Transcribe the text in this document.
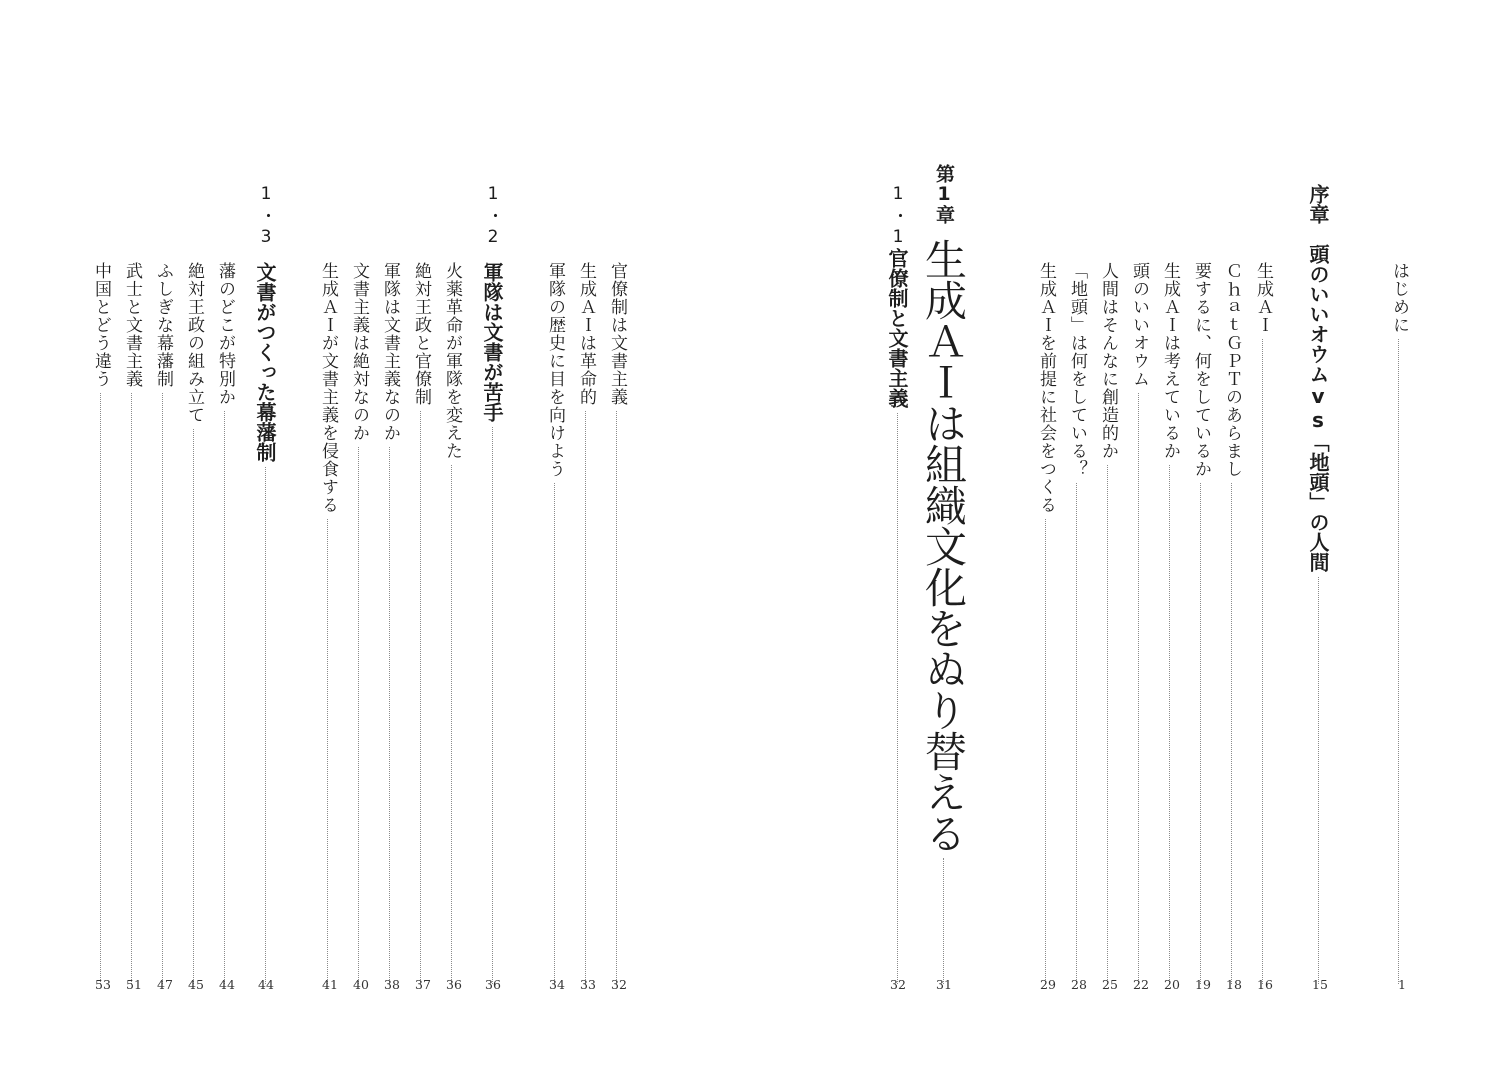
官僚制は文書主義
32
生成ＡＩは革命的
33
軍隊の歴史に目を向けよう
34
1・2
軍隊は文書が苦手
36
火薬革命が軍隊を変えた
36
絶対王政と官僚制
37
軍隊は文書主義なのか
38
文書主義は絶対なのか
40
生成ＡＩが文書主義を侵食する
41
1・3
文書がつくった幕藩制
44
藩のどこが特別か
44
絶対王政の組み立て
45
ふしぎな幕藩制
47
武士と文書主義
51
中国とどう違う
53
はじめに
1
序章　頭のいいオウムvs「地頭」の人間
15
生成ＡＩ
16
ＣｈａｔＧＰＴのあらまし
18
要するに、何をしているか
19
生成ＡＩは考えているか
20
頭のいいオウム
22
人間はそんなに創造的か
25
「地頭」は何をしている？
28
生成ＡＩを前提に社会をつくる
29
第1章
生成ＡＩは組織文化をぬり替える
31
1・1
官僚制と文書主義
32
